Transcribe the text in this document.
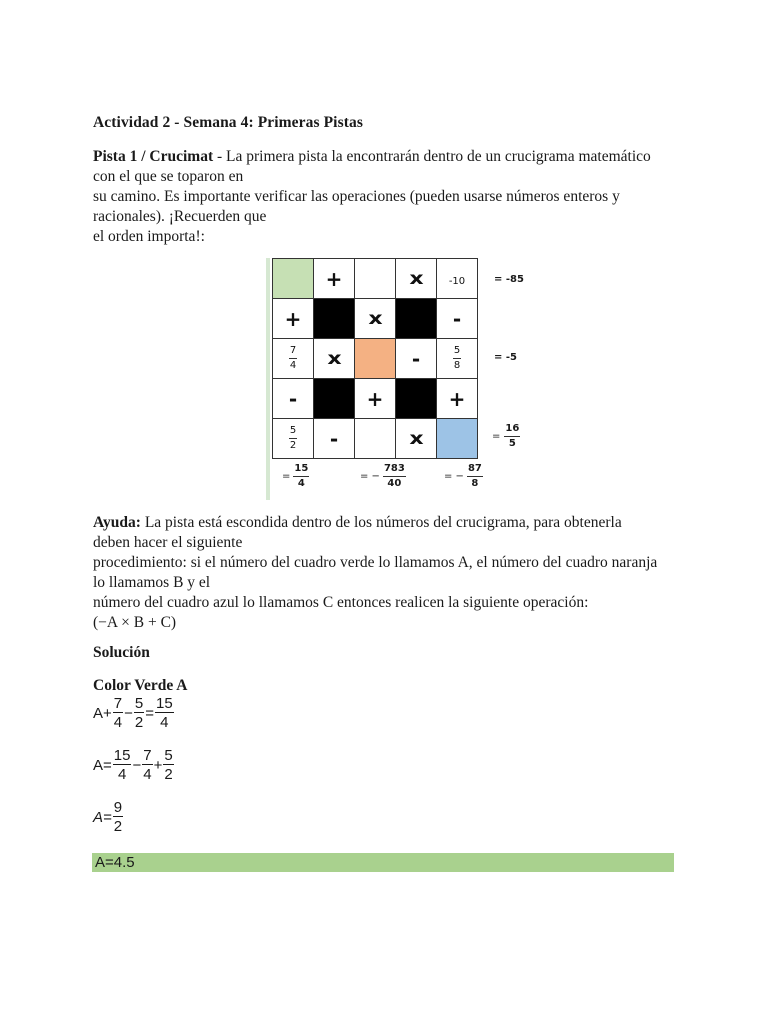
Actividad 2 - Semana 4: Primeras Pistas
Pista 1 / Crucimat - La primera pista la encontrarán dentro de un crucigrama matemático
con el que se toparon en
su camino. Es importante verificar las operaciones (pueden usarse números enteros y
racionales). ¡Recuerden que
el orden importa!:
	+		x	-10
+		x		-

$\frac{7}{4}$	x		-	$\frac{5}{8}$

-		+		+

$\frac{5}{2}$	-		x	
= -85
= -5
= $\frac{16}{5}$
= $\frac{15}{4}$	= − $\frac{783}{40}$	= − $\frac{87}{8}$
Ayuda: La pista está escondida dentro de los números del crucigrama, para obtenerla
deben hacer el siguiente
procedimiento: si el número del cuadro verde lo llamamos A, el número del cuadro naranja
lo llamamos B y el
número del cuadro azul lo llamamos C entonces realicen la siguiente operación:
(−A × B + C)
Solución
Color Verde A
$A+ \frac{7}{4} - \frac{5}{2} = \frac{15}{4}$
$A= \frac{15}{4} - \frac{7}{4} + \frac{5}{2}$
$A= \frac{9}{2}$
A=4.5
